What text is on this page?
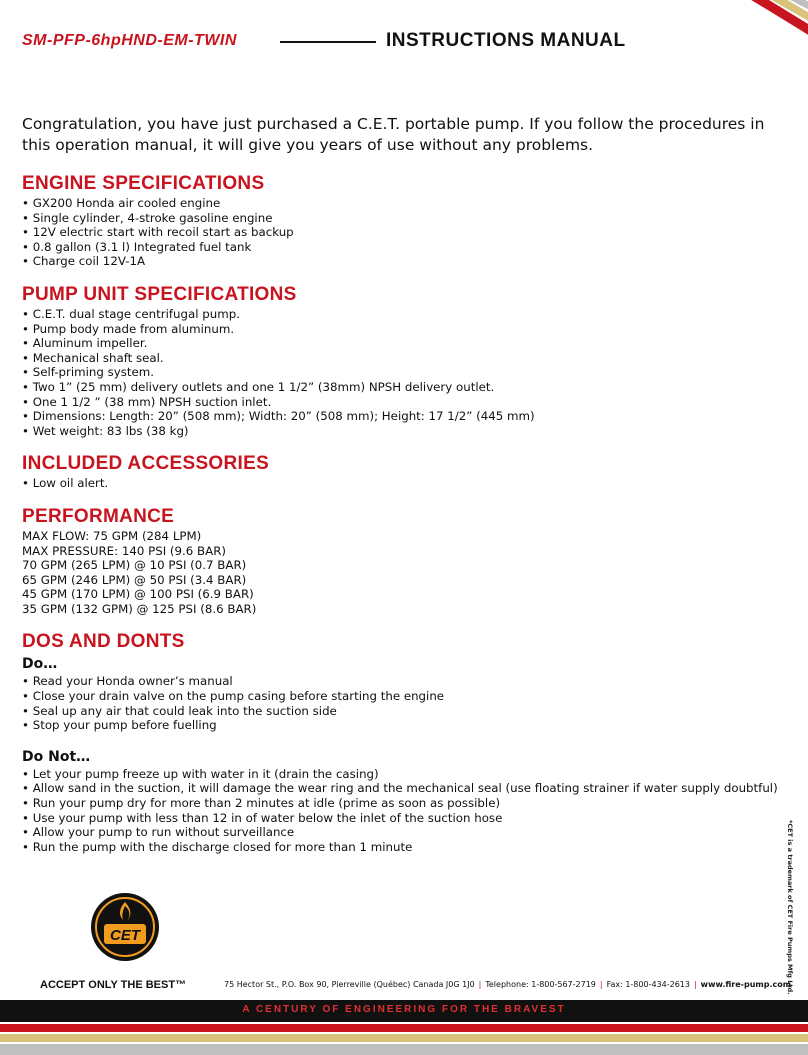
SM-PFP-6hpHND-EM-TWIN	INSTRUCTIONS MANUAL

Congratulation, you have just purchased a C.E.T. portable pump. If you follow the procedures in this operation manual, it will give you years of use without any problems.

ENGINE SPECIFICATIONS
• GX200 Honda air cooled engine
• Single cylinder, 4-stroke gasoline engine
• 12V electric start with recoil start as backup
• 0.8 gallon (3.1 l) Integrated fuel tank
• Charge coil 12V-1A
PUMP UNIT SPECIFICATIONS
• C.E.T. dual stage centrifugal pump.
• Pump body made from aluminum.
• Aluminum impeller.
• Mechanical shaft seal.
• Self-priming system.
• Two 1” (25 mm) delivery outlets and one 1 1/2” (38mm) NPSH delivery outlet.
• One 1 1/2 ” (38 mm) NPSH suction inlet.
• Dimensions: Length: 20” (508 mm); Width: 20” (508 mm); Height: 17 1/2” (445 mm)
• Wet weight: 83 lbs (38 kg)
INCLUDED ACCESSORIES
• Low oil alert.
PERFORMANCE
MAX FLOW: 75 GPM (284 LPM)
MAX PRESSURE: 140 PSI (9.6 BAR)
70 GPM (265 LPM) @ 10 PSI (0.7 BAR)
65 GPM (246 LPM) @ 50 PSI (3.4 BAR)
45 GPM (170 LPM) @ 100 PSI (6.9 BAR)
35 GPM (132 GPM) @ 125 PSI (8.6 BAR)
DOS AND DONTS
Do…
• Read your Honda owner’s manual
• Close your drain valve on the pump casing before starting the engine
• Seal up any air that could leak into the suction side
• Stop your pump before fuelling
Do Not…
• Let your pump freeze up with water in it (drain the casing)
• Allow sand in the suction, it will damage the wear ring and the mechanical seal (use floating strainer if water supply doubtful)
• Run your pump dry for more than 2 minutes at idle (prime as soon as possible)
• Use your pump with less than 12 in of water below the inlet of the suction hose
• Allow your pump to run without surveillance
• Run the pump with the discharge closed for more than 1 minute	*CET is a trademark of CET Fire Pumps Mfg Ltd.
CET
ACCEPT ONLY THE BEST™	75 Hector St., P.O. Box 90, Pierreville (Québec) Canada J0G 1J0 | Telephone: 1-800-567-2719 | Fax: 1-800-434-2613 | www.fire-pump.com
A CENTURY OF ENGINEERING FOR THE BRAVEST
